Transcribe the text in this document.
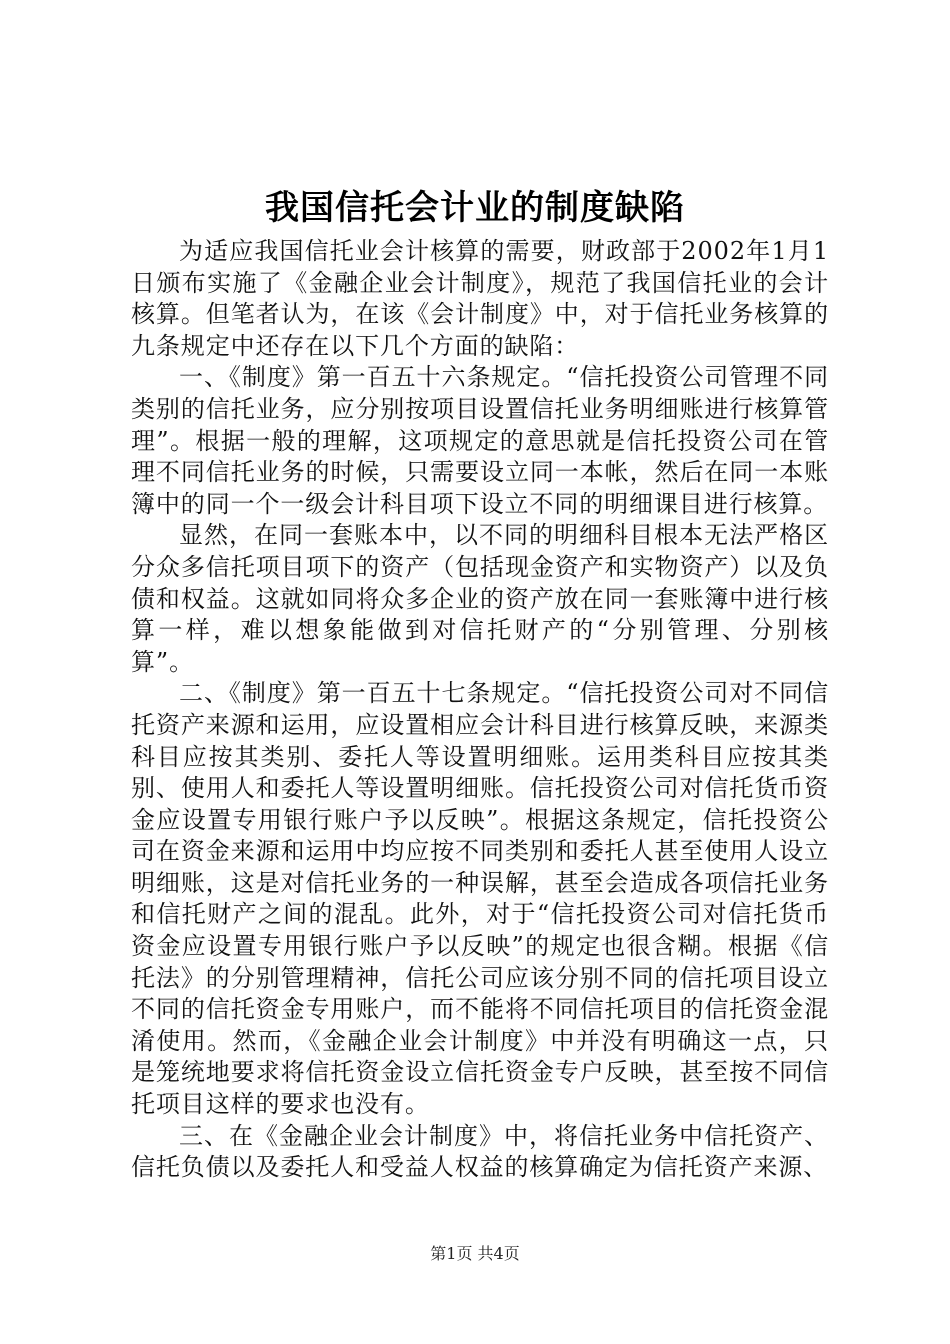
我国信托会计业的制度缺陷

为适应我国信托业会计核算的需要，财政部于2002年1月1日颁布实施了《金融企业会计制度》，规范了我国信托业的会计核算。但笔者认为，在该《会计制度》中，对于信托业务核算的九条规定中还存在以下几个方面的缺陷：

一、《制度》第一百五十六条规定。“信托投资公司管理不同类别的信托业务，应分别按项目设置信托业务明细账进行核算管理”。根据一般的理解，这项规定的意思就是信托投资公司在管理不同信托业务的时候，只需要设立同一本帐，然后在同一本账簿中的同一个一级会计科目项下设立不同的明细课目进行核算。

显然，在同一套账本中，以不同的明细科目根本无法严格区分众多信托项目项下的资产（包括现金资产和实物资产）以及负债和权益。这就如同将众多企业的资产放在同一套账簿中进行核算一样，难以想象能做到对信托财产的“分别管理、分别核算”。

二、《制度》第一百五十七条规定。“信托投资公司对不同信托资产来源和运用，应设置相应会计科目进行核算反映，来源类科目应按其类别、委托人等设置明细账。运用类科目应按其类别、使用人和委托人等设置明细账。信托投资公司对信托货币资金应设置专用银行账户予以反映”。根据这条规定，信托投资公司在资金来源和运用中均应按不同类别和委托人甚至使用人设立明细账，这是对信托业务的一种误解，甚至会造成各项信托业务和信托财产之间的混乱。此外，对于“信托投资公司对信托货币资金应设置专用银行账户予以反映”的规定也很含糊。根据《信托法》的分别管理精神，信托公司应该分别不同的信托项目设立不同的信托资金专用账户，而不能将不同信托项目的信托资金混淆使用。然而，《金融企业会计制度》中并没有明确这一点，只是笼统地要求将信托资金设立信托资金专户反映，甚至按不同信托项目这样的要求也没有。

三、在《金融企业会计制度》中，将信托业务中信托资产、信托负债以及委托人和受益人权益的核算确定为信托资产来源、

第1页 共4页
